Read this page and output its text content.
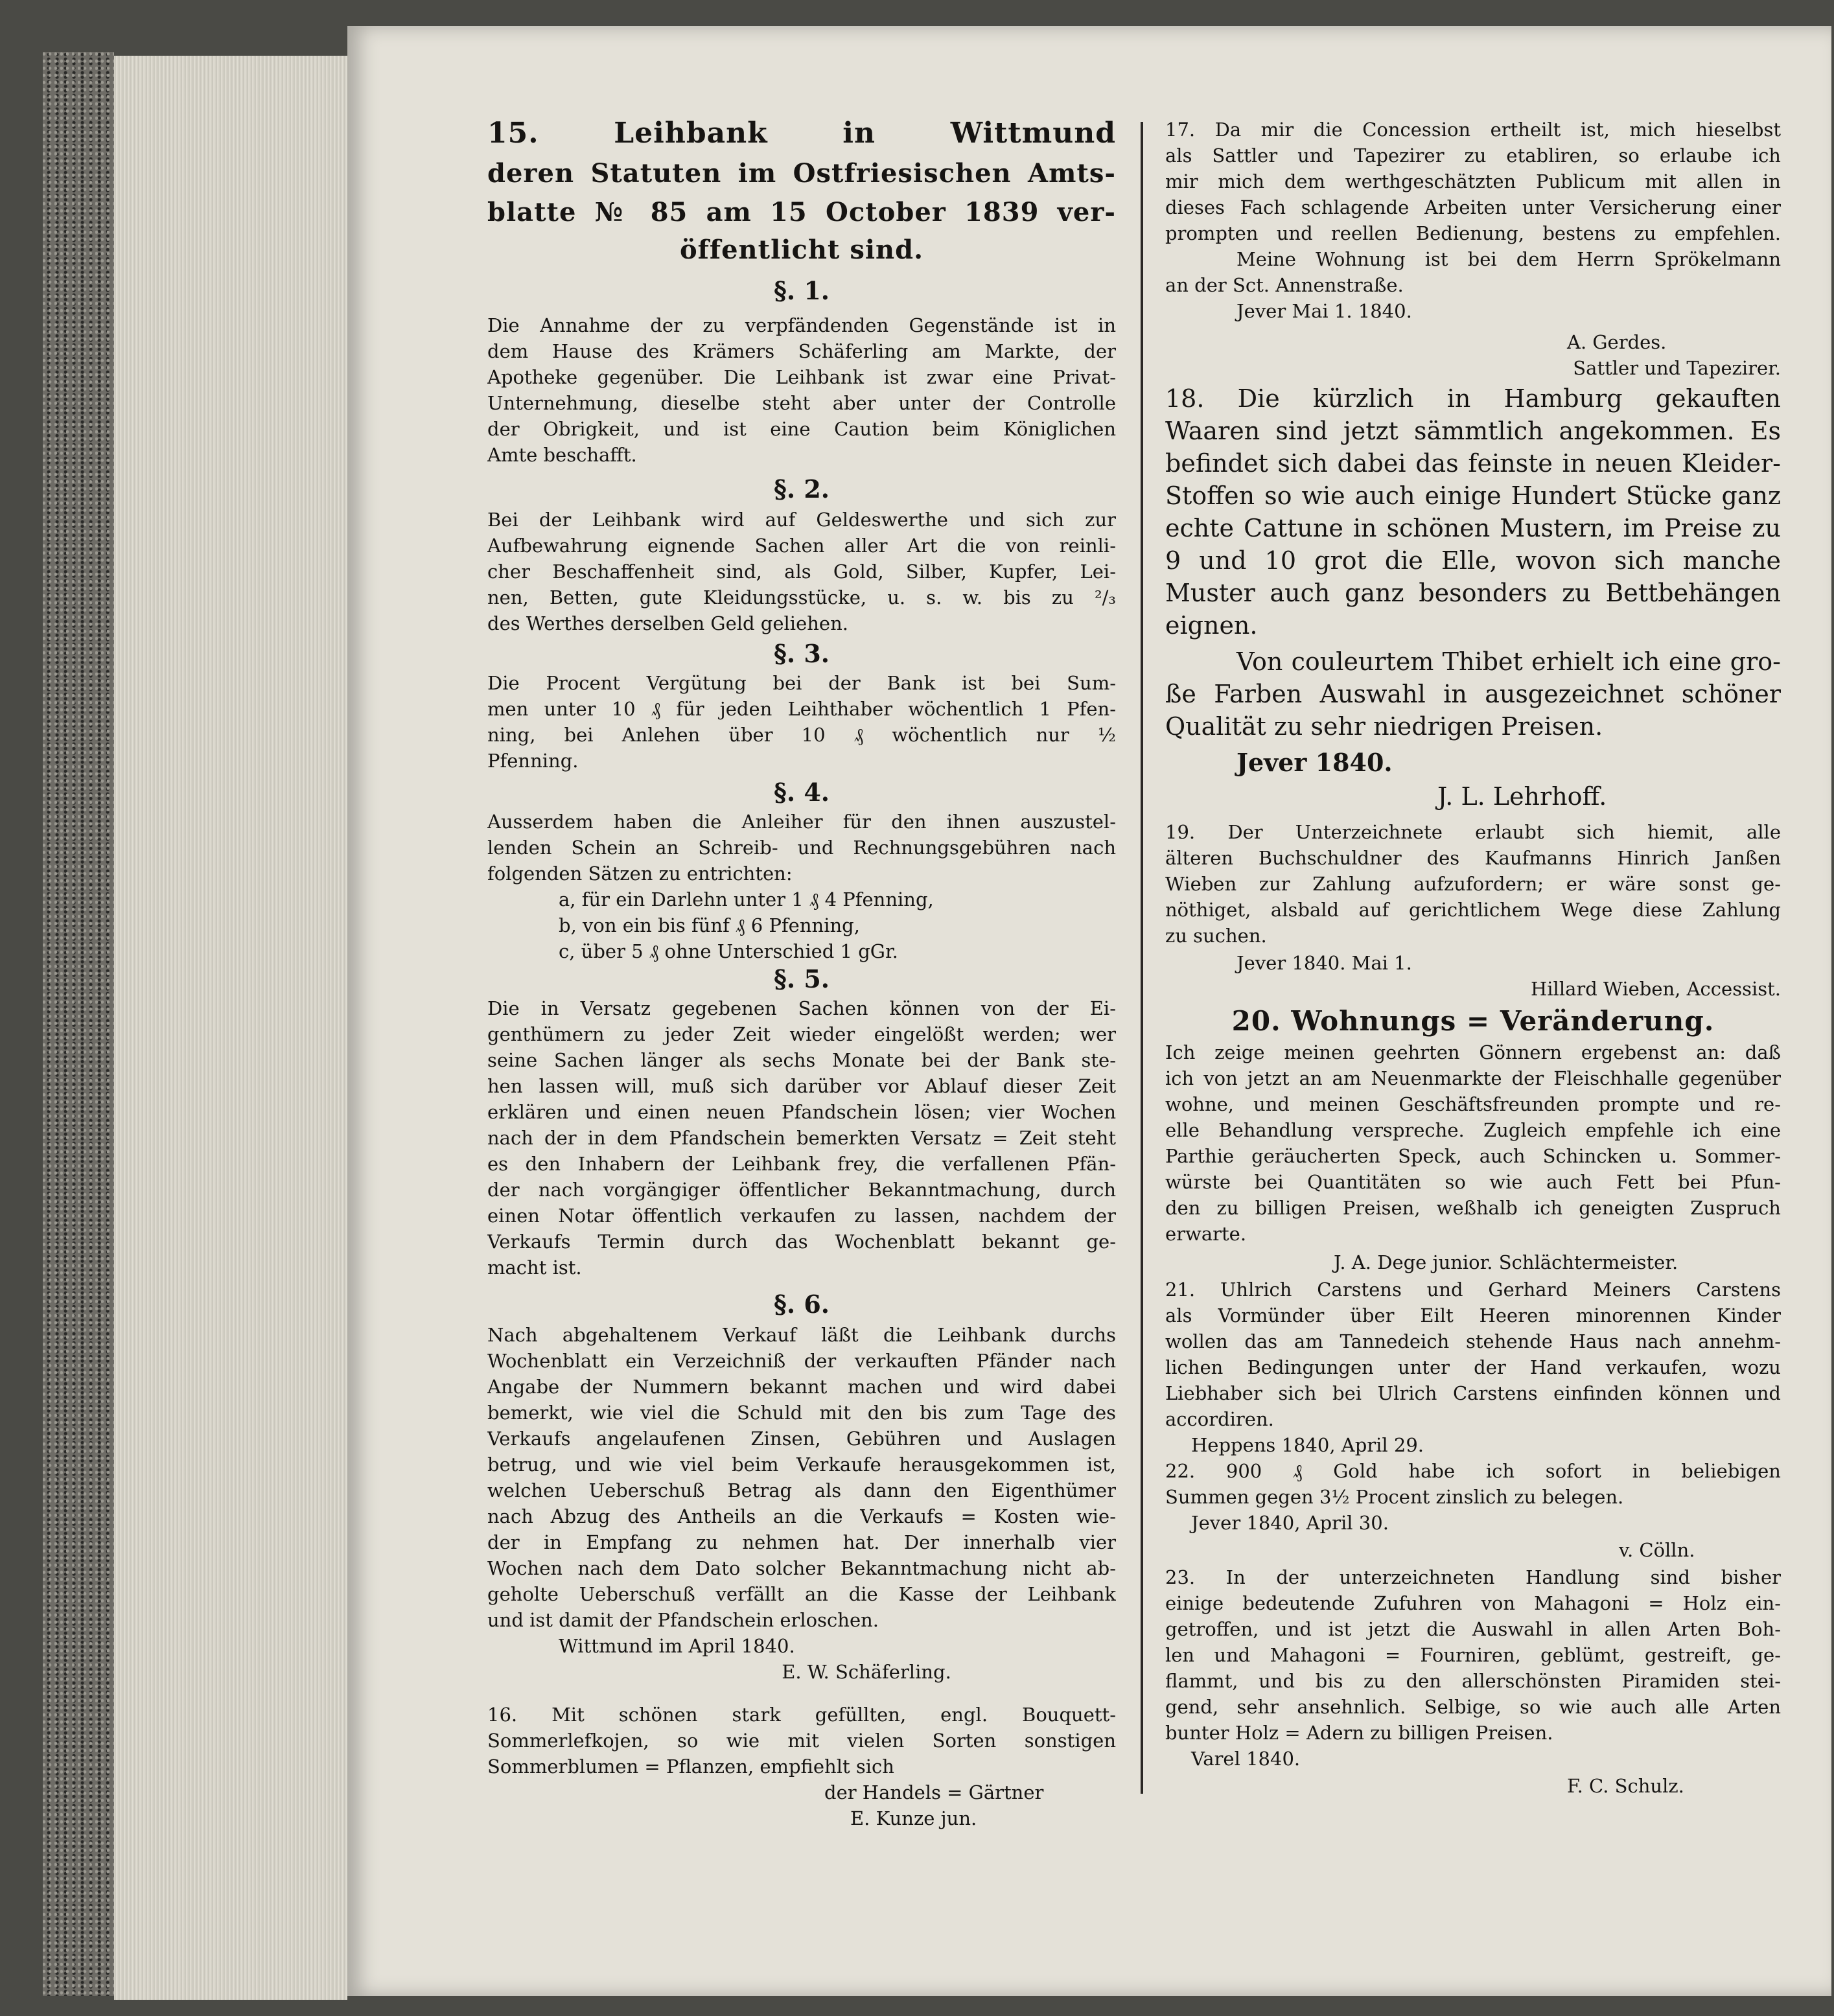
15. Leihbank in Wittmund
deren Statuten im Ostfriesischen Amts-
blatte № 85 am 15 October 1839 ver-
öffentlicht sind.
§. 1.
Die Annahme der zu verpfändenden Gegenstände ist in
dem Hause des Krämers Schäferling am Markte, der
Apotheke gegenüber. Die Leihbank ist zwar eine Privat-
Unternehmung, dieselbe steht aber unter der Controlle
der Obrigkeit, und ist eine Caution beim Königlichen
Amte beschafft.
§. 2.
Bei der Leihbank wird auf Geldeswerthe und sich zur
Aufbewahrung eignende Sachen aller Art die von reinli-
cher Beschaffenheit sind, als Gold, Silber, Kupfer, Lei-
nen, Betten, gute Kleidungsstücke, u. s. w. bis zu ²/₃
des Werthes derselben Geld geliehen.
§. 3.
Die Procent Vergütung bei der Bank ist bei Sum-
men unter 10 ₰ für jeden Leihthaber wöchentlich 1 Pfen-
ning, bei Anlehen über 10 ₰ wöchentlich nur ½
Pfenning.
§. 4.
Ausserdem haben die Anleiher für den ihnen auszustel-
lenden Schein an Schreib- und Rechnungsgebühren nach
folgenden Sätzen zu entrichten:
a, für ein Darlehn unter 1 ₰ 4 Pfenning,
b, von ein bis fünf ₰ 6 Pfenning,
c, über 5 ₰ ohne Unterschied 1 gGr.
§. 5.
Die in Versatz gegebenen Sachen können von der Ei-
genthümern zu jeder Zeit wieder eingelößt werden; wer
seine Sachen länger als sechs Monate bei der Bank ste-
hen lassen will, muß sich darüber vor Ablauf dieser Zeit
erklären und einen neuen Pfandschein lösen; vier Wochen
nach der in dem Pfandschein bemerkten Versatz = Zeit steht
es den Inhabern der Leihbank frey, die verfallenen Pfän-
der nach vorgängiger öffentlicher Bekanntmachung, durch
einen Notar öffentlich verkaufen zu lassen, nachdem der
Verkaufs Termin durch das Wochenblatt bekannt ge-
macht ist.
§. 6.
Nach abgehaltenem Verkauf läßt die Leihbank durchs
Wochenblatt ein Verzeichniß der verkauften Pfänder nach
Angabe der Nummern bekannt machen und wird dabei
bemerkt, wie viel die Schuld mit den bis zum Tage des
Verkaufs angelaufenen Zinsen, Gebühren und Auslagen
betrug, und wie viel beim Verkaufe herausgekommen ist,
welchen Ueberschuß Betrag als dann den Eigenthümer
nach Abzug des Antheils an die Verkaufs = Kosten wie-
der in Empfang zu nehmen hat. Der innerhalb vier
Wochen nach dem Dato solcher Bekanntmachung nicht ab-
geholte Ueberschuß verfällt an die Kasse der Leihbank
und ist damit der Pfandschein erloschen.
Wittmund im April 1840.
E. W. Schäferling.
16. Mit schönen stark gefüllten, engl. Bouquett-
Sommerlefkojen, so wie mit vielen Sorten sonstigen
Sommerblumen = Pflanzen, empfiehlt sich
der Handels = Gärtner
E. Kunze jun.
17. Da mir die Concession ertheilt ist, mich hieselbst
als Sattler und Tapezirer zu etabliren, so erlaube ich
mir mich dem werthgeschätzten Publicum mit allen in
dieses Fach schlagende Arbeiten unter Versicherung einer
prompten und reellen Bedienung, bestens zu empfehlen.
Meine Wohnung ist bei dem Herrn Sprökelmann
an der Sct. Annenstraße.
Jever Mai 1. 1840.
A. Gerdes.
Sattler und Tapezirer.
18. Die kürzlich in Hamburg gekauften
Waaren sind jetzt sämmtlich angekommen. Es
befindet sich dabei das feinste in neuen Kleider-
Stoffen so wie auch einige Hundert Stücke ganz
echte Cattune in schönen Mustern, im Preise zu
9 und 10 grot die Elle, wovon sich manche
Muster auch ganz besonders zu Bettbehängen
eignen.
Von couleurtem Thibet erhielt ich eine gro-
ße Farben Auswahl in ausgezeichnet schöner
Qualität zu sehr niedrigen Preisen.
Jever 1840.
J. L. Lehrhoff.
19. Der Unterzeichnete erlaubt sich hiemit, alle
älteren Buchschuldner des Kaufmanns Hinrich Janßen
Wieben zur Zahlung aufzufordern; er wäre sonst ge-
nöthiget, alsbald auf gerichtlichem Wege diese Zahlung
zu suchen.
Jever 1840. Mai 1.
Hillard Wieben, Accessist.
20. Wohnungs = Veränderung.
Ich zeige meinen geehrten Gönnern ergebenst an: daß
ich von jetzt an am Neuenmarkte der Fleischhalle gegenüber
wohne, und meinen Geschäftsfreunden prompte und re-
elle Behandlung verspreche. Zugleich empfehle ich eine
Parthie geräucherten Speck, auch Schincken u. Sommer-
würste bei Quantitäten so wie auch Fett bei Pfun-
den zu billigen Preisen, weßhalb ich geneigten Zuspruch
erwarte.
J. A. Dege junior. Schlächtermeister.
21. Uhlrich Carstens und Gerhard Meiners Carstens
als Vormünder über Eilt Heeren minorennen Kinder
wollen das am Tannedeich stehende Haus nach annehm-
lichen Bedingungen unter der Hand verkaufen, wozu
Liebhaber sich bei Ulrich Carstens einfinden können und
accordiren.
Heppens 1840, April 29.
22. 900 ₰ Gold habe ich sofort in beliebigen
Summen gegen 3½ Procent zinslich zu belegen.
Jever 1840, April 30.
v. Cölln.
23. In der unterzeichneten Handlung sind bisher
einige bedeutende Zufuhren von Mahagoni = Holz ein-
getroffen, und ist jetzt die Auswahl in allen Arten Boh-
len und Mahagoni = Fourniren, geblümt, gestreift, ge-
flammt, und bis zu den allerschönsten Piramiden stei-
gend, sehr ansehnlich. Selbige, so wie auch alle Arten
bunter Holz = Adern zu billigen Preisen.
Varel 1840.
F. C. Schulz.
